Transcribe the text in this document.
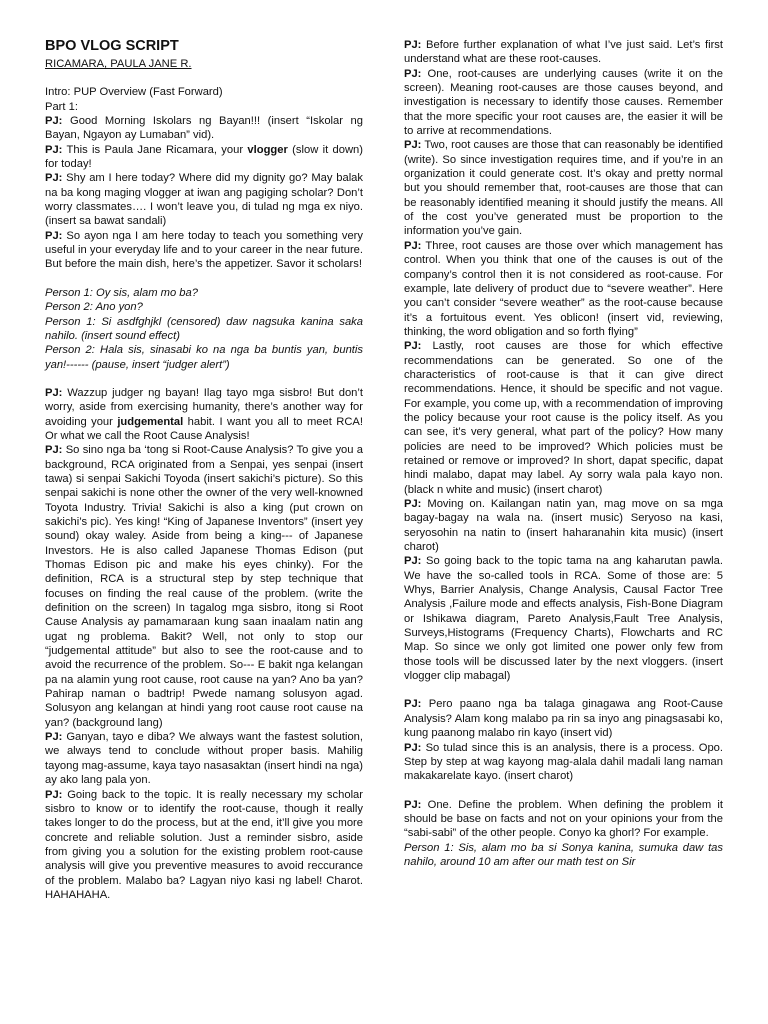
BPO VLOG SCRIPT
RICAMARA, PAULA JANE R.

Intro: PUP Overview (Fast Forward)

Part 1:

PJ: Good Morning Iskolars ng Bayan!!! (insert “Iskolar ng Bayan, Ngayon ay Lumaban” vid).

PJ: This is Paula Jane Ricamara, your vlogger (slow it down) for today!

PJ: Shy am I here today? Where did my dignity go? May balak na ba kong maging vlogger at iwan ang pagiging scholar? Don’t worry classmates…. I won’t leave you, di tulad ng mga ex niyo. (insert sa bawat sandali)

PJ: So ayon nga I am here today to teach you something very useful in your everyday life and to your career in the near future. But before the main dish, here’s the appetizer. Savor it scholars!

Person 1: Oy sis, alam mo ba?

Person 2: Ano yon?

Person 1: Si asdfghjkl (censored) daw nagsuka kanina saka nahilo. (insert sound effect)

Person 2: Hala sis, sinasabi ko na nga ba buntis yan, buntis yan!------ (pause, insert “judger alert”)

PJ: Wazzup judger ng bayan! Ilag tayo mga sisbro! But don’t worry, aside from exercising humanity, there’s another way for avoiding your judgemental habit. I want you all to meet RCA! Or what we call the Root Cause Analysis!

PJ: So sino nga ba ‘tong si Root-Cause Analysis? To give you a background, RCA originated from a Senpai, yes senpai (insert tawa) si senpai Sakichi Toyoda (insert sakichi’s picture). So this senpai sakichi is none other the owner of the very well-knowned Toyota Industry. Trivia! Sakichi is also a king (put crown on sakichi’s pic). Yes king! “King of Japanese Inventors” (insert yey sound) okay waley. Aside from being a king--- of Japanese Investors. He is also called Japanese Thomas Edison (put Thomas Edison pic and make his eyes chinky). For the definition, RCA is a structural step by step technique that focuses on finding the real cause of the problem. (write the definition on the screen) In tagalog mga sisbro, itong si Root Cause Analysis ay pamamaraan kung saan inaalam natin ang ugat ng problema. Bakit? Well, not only to stop our “judgemental attitude” but also to see the root-cause and to avoid the recurrence of the problem. So--- E bakit nga kelangan pa na alamin yung root cause, root cause na yan? Ano ba yan? Pahirap naman o badtrip! Pwede namang solusyon agad. Solusyon ang kelangan at hindi yang root cause root cause na yan? (background lang)

PJ: Ganyan, tayo e diba? We always want the fastest solution, we always tend to conclude without proper basis. Mahilig tayong mag-assume, kaya tayo nasasaktan (insert hindi na nga) ay ako lang pala yon.

PJ: Going back to the topic. It is really necessary my scholar sisbro to know or to identify the root-cause, though it really takes longer to do the process, but at the end, it’ll give you more concrete and reliable solution. Just a reminder sisbro, aside from giving you a solution for the existing problem root-cause analysis will give you preventive measures to avoid reccurance of the problem. Malabo ba? Lagyan niyo kasi ng label! Charot. HAHAHAHA.

PJ: Before further explanation of what I’ve just said. Let’s first understand what are these root-causes.

PJ: One, root-causes are underlying causes (write it on the screen). Meaning root-causes are those causes beyond, and investigation is necessary to identify those causes. Remember that the more specific your root causes are, the easier it will be to arrive at recommendations.

PJ: Two, root causes are those that can reasonably be identified (write). So since investigation requires time, and if you’re in an organization it could generate cost. It’s okay and pretty normal but you should remember that, root-causes are those that can be reasonably identified meaning it should justify the means. All of the cost you’ve generated must be proportion to the information you’ve gain.

PJ: Three, root causes are those over which management has control. When you think that one of the causes is out of the company’s control then it is not considered as root-cause. For example, late delivery of product due to “severe weather”. Here you can’t consider “severe weather” as the root-cause because it’s a fortuitous event. Yes oblicon! (insert vid, reviewing, thinking, the word obligation and so forth flying”

PJ: Lastly, root causes are those for which effective recommendations can be generated. So one of the characteristics of root-cause is that it can give direct recommendations. Hence, it should be specific and not vague. For example, you come up, with a recommendation of improving the policy because your root cause is the policy itself. As you can see, it’s very general, what part of the policy? How many policies are need to be improved? Which policies must be retained or remove or improved? In short, dapat specific, dapat hindi malabo, dapat may label. Ay sorry wala pala kayo non. (black n white and music) (insert charot)

PJ: Moving on. Kailangan natin yan, mag move on sa mga bagay-bagay na wala na. (insert music) Seryoso na kasi, seryosohin na natin to (insert haharanahin kita music) (insert charot)

PJ: So going back to the topic tama na ang kaharutan pawla. We have the so-called tools in RCA. Some of those are: 5 Whys, Barrier Analysis, Change Analysis, Causal Factor Tree Analysis ,Failure mode and effects analysis, Fish-Bone Diagram or Ishikawa diagram, Pareto Analysis,Fault Tree Analysis, Surveys,Histograms (Frequency Charts), Flowcharts and RC Map. So since we only got limited one power only few from those tools will be discussed later by the next vloggers. (insert vlogger clip mabagal)

PJ: Pero paano nga ba talaga ginagawa ang Root-Cause Analysis? Alam kong malabo pa rin sa inyo ang pinagsasabi ko, kung paanong malabo rin kayo (insert vid)

PJ: So tulad since this is an analysis, there is a process. Opo. Step by step at wag kayong mag-alala dahil madali lang naman makakarelate kayo. (insert charot)

PJ: One. Define the problem. When defining the problem it should be base on facts and not on your opinions your from the “sabi-sabi” of the other people. Conyo ka ghorl? For example.

Person 1: Sis, alam mo ba si Sonya kanina, sumuka daw tas nahilo, around 10 am after our math test on Sir
